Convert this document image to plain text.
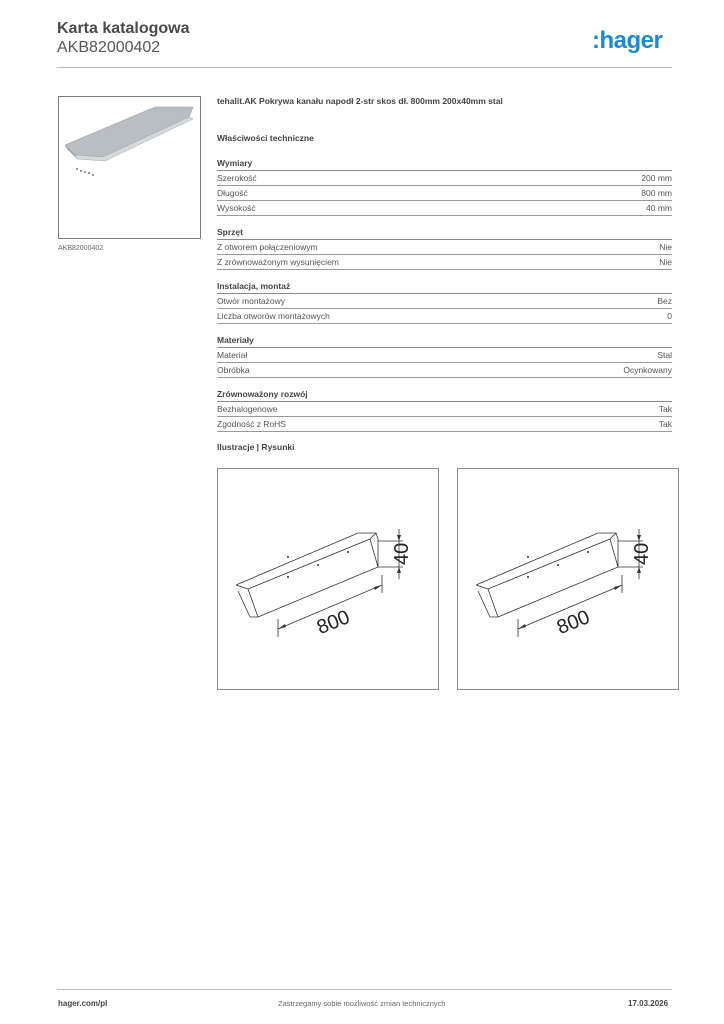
Karta katalogowa
AKB82000402	:hager
AKB82000402
tehalit.AK Pokrywa kanału napodł 2-str skos dł. 800mm 200x40mm stal
Właściwości techniczne
Wymiary
Szerokość	200 mm
Długość	800 mm
Wysokość	40 mm
Sprzęt
Z otworem połączeniowym	Nie
Z zrównoważonym wysunięciem	Nie
Instalacja, montaż
Otwór montażowy	Bez
Liczba otworów montażowych	0
Materiały
Materiał	Stal
Obróbka	Ocynkowany
Zrównoważony rozwój
Bezhalogenowe	Tak
Zgodność z RoHS	Tak
Ilustracje | Rysunki
800
40
800
40
hager.com/pl	Zastrzegamy sobie możliwość zmian technicznych	17.03.2026
